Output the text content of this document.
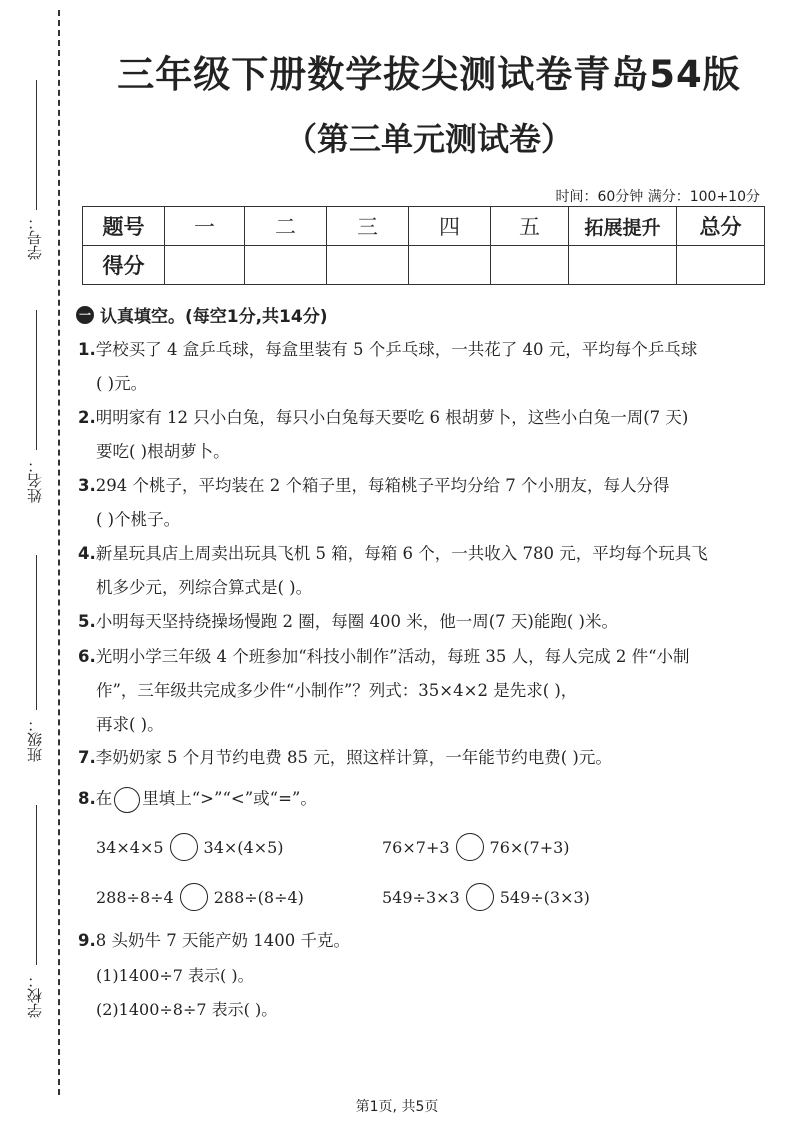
学号：
姓名：
班级：
学校：
三年级下册数学拔尖测试卷青岛54版
（第三单元测试卷）
时间：60分钟 满分：100+10分
题号	一	二	三	四	五	拓展提升	总分
得分							
一 认真填空。(每空1分,共14分)
1.学校买了 4 盒乒乓球，每盒里装有 5 个乒乓球，一共花了 40 元，平均每个乒乓球
( )元。
2.明明家有 12 只小白兔，每只小白兔每天要吃 6 根胡萝卜，这些小白兔一周(7 天)
要吃( )根胡萝卜。
3.294 个桃子，平均装在 2 个箱子里，每箱桃子平均分给 7 个小朋友，每人分得
( )个桃子。
4.新星玩具店上周卖出玩具飞机 5 箱，每箱 6 个，一共收入 780 元，平均每个玩具飞
机多少元，列综合算式是( )。
5.小明每天坚持绕操场慢跑 2 圈，每圈 400 米，他一周(7 天)能跑( )米。
6.光明小学三年级 4 个班参加“科技小制作”活动，每班 35 人，每人完成 2 件“小制
作”，三年级共完成多少件“小制作”？列式：35×4×2 是先求( )，
再求( )。
7.李奶奶家 5 个月节约电费 85 元，照这样计算，一年能节约电费( )元。
8.在 里填上“>”“<”或“=”。
34×4×5	34×(4×5)	76×7+3	76×(7+3)
288÷8÷4	288÷(8÷4)	549÷3×3	549÷(3×3)
9.8 头奶牛 7 天能产奶 1400 千克。
(1)1400÷7 表示( )。
(2)1400÷8÷7 表示( )。
第1页, 共5页
